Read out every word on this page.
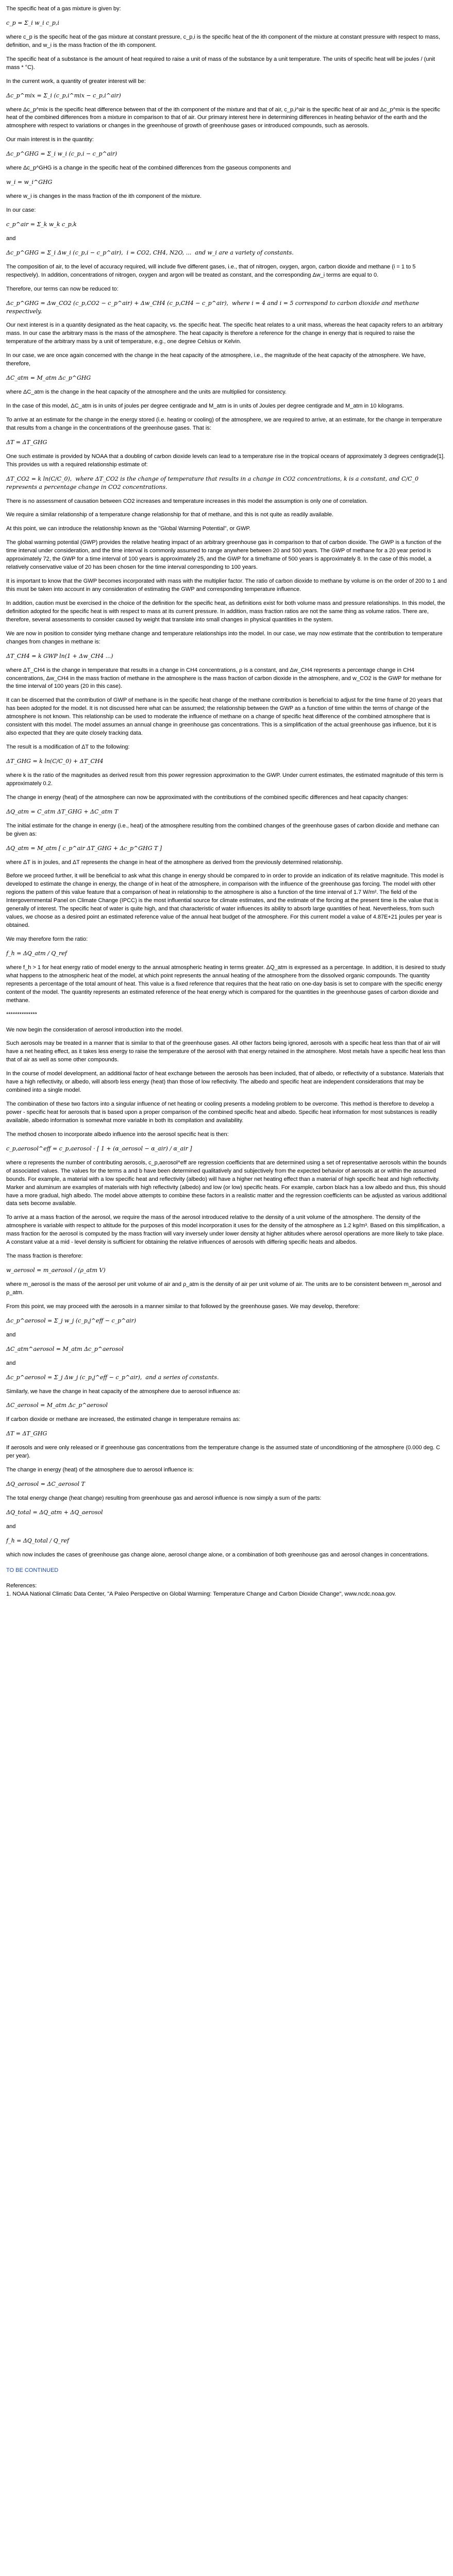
The specific heat of a gas mixture is given by:

c_p = Σ_i w_i c_p,i

where c_p is the specific heat of the gas mixture at constant pressure, c_p,i is the specific heat of the ith component of the mixture at constant pressure with respect to mass, definition, and w_i is the mass fraction of the ith component.

The specific heat of a substance is the amount of heat required to raise a unit of mass of the substance by a unit temperature. The units of specific heat will be joules / (unit mass * °C).

In the current work, a quantity of greater interest will be:

Δc_p^mix = Σ_i (c_p,i^mix − c_p,i^air)

where Δc_p^mix is the specific heat difference between that of the ith component of the mixture and that of air, c_p,i^air is the specific heat of air and Δc_p^mix is the specific heat of the combined differences from a mixture in comparison to that of air. Our primary interest here in determining differences in heating behavior of the earth and the atmosphere with respect to variations or changes in the greenhouse of growth of greenhouse gases or introduced compounds, such as aerosols.

Our main interest is in the quantity:

Δc_p^GHG = Σ_i w_i (c_p,i − c_p^air)

where Δc_p^GHG is a change in the specific heat of the combined differences from the gaseous components and

w_i = w_i^GHG

where w_i is changes in the mass fraction of the ith component of the mixture.

In our case:

c_p^air = Σ_k w_k c_p,k

and

Δc_p^GHG = Σ_i Δw_i (c_p,i − c_p^air),  i = CO2, CH4, N2O, ...  and w_i are a variety of constants.

The composition of air, to the level of accuracy required, will include five different gases, i.e., that of nitrogen, oxygen, argon, carbon dioxide and methane (i = 1 to 5 respectively). In addition, concentrations of nitrogen, oxygen and argon will be treated as constant, and the corresponding Δw_i terms are equal to 0.

Therefore, our terms can now be reduced to:

Δc_p^GHG = Δw_CO2 (c_p,CO2 − c_p^air) + Δw_CH4 (c_p,CH4 − c_p^air),  where i = 4 and i = 5 correspond to carbon dioxide and methane respectively.

Our next interest is in a quantity designated as the heat capacity, vs. the specific heat. The specific heat relates to a unit mass, whereas the heat capacity refers to an arbitrary mass. In our case the arbitrary mass is the mass of the atmosphere. The heat capacity is therefore a reference for the change in energy that is required to raise the temperature of the arbitrary mass by a unit of temperature, e.g., one degree Celsius or Kelvin.

In our case, we are once again concerned with the change in the heat capacity of the atmosphere, i.e., the magnitude of the heat capacity of the atmosphere. We have, therefore,

ΔC_atm = M_atm Δc_p^GHG

where ΔC_atm is the change in the heat capacity of the atmosphere and the units are multiplied for consistency.

In the case of this model, ΔC_atm is in units of joules per degree centigrade and M_atm is in units of Joules per degree centigrade and M_atm in 10 kilograms.

To arrive at an estimate for the change in the energy stored (i.e. heating or cooling) of the atmosphere, we are required to arrive, at an estimate, for the change in temperature that results from a change in the concentrations of the greenhouse gases. That is:

ΔT = ΔT_GHG

One such estimate is provided by NOAA that a doubling of carbon dioxide levels can lead to a temperature rise in the tropical oceans of approximately 3 degrees centigrade[1]. This provides us with a required relationship estimate of:

ΔT_CO2 = k ln(C/C_0),  where ΔT_CO2 is the change of temperature that results in a change in CO2 concentrations, k is a constant, and C/C_0 represents a percentage change in CO2 concentrations.

There is no assessment of causation between CO2 increases and temperature increases in this model the assumption is only one of correlation.

We require a similar relationship of a temperature change relationship for that of methane, and this is not quite as readily available.

At this point, we can introduce the relationship known as the "Global Warming Potential", or GWP.

The global warming potential (GWP) provides the relative heating impact of an arbitrary greenhouse gas in comparison to that of carbon dioxide. The GWP is a function of the time interval under consideration, and the time interval is commonly assumed to range anywhere between 20 and 500 years. The GWP of methane for a 20 year period is approximately 72, the GWP for a time interval of 100 years is approximately 25, and the GWP for a timeframe of 500 years is approximately 8. In the case of this model, a relatively conservative value of 20 has been chosen for the time interval corresponding to 100 years.

It is important to know that the GWP becomes incorporated with mass with the multiplier factor. The ratio of carbon dioxide to methane by volume is on the order of 200 to 1 and this must be taken into account in any consideration of estimating the GWP and corresponding temperature influence.

In addition, caution must be exercised in the choice of the definition for the specific heat, as definitions exist for both volume mass and pressure relationships. In this model, the definition adopted for the specific heat is with respect to mass at its current pressure. In addition, mass fraction ratios are not the same thing as volume ratios. There are, therefore, several assessments to consider caused by weight that translate into small changes in physical quantities in the system.

We are now in position to consider tying methane change and temperature relationships into the model. In our case, we may now estimate that the contribution to temperature changes from changes in methane is:

ΔT_CH4 = k GWP ln(1 + Δw_CH4 ...)

where ΔT_CH4 is the change in temperature that results in a change in CH4 concentrations, ρ is a constant, and Δw_CH4 represents a percentage change in CH4 concentrations, Δw_CH4 in the mass fraction of methane in the atmosphere is the mass fraction of carbon dioxide in the atmosphere, and w_CO2 is the GWP for methane for the time interval of 100 years (20 in this case).

It can be discerned that the contribution of GWP of methane is in the specific heat change of the methane contribution is beneficial to adjust for the time frame of 20 years that has been adopted for the model. It is not discussed here what can be assumed; the relationship between the GWP as a function of time within the terms of change of the atmosphere is not known. This relationship can be used to moderate the influence of methane on a change of specific heat difference of the combined atmosphere that is consistent with this model. The model assumes an annual change in greenhouse gas concentrations. This is a simplification of the actual greenhouse gas influence, but it is also expected that they are quite closely tracking data.

The result is a modification of ΔT to the following:

ΔT_GHG = k ln(C/C_0) + ΔT_CH4

where k is the ratio of the magnitudes as derived result from this power regression approximation to the GWP. Under current estimates, the estimated magnitude of this term is approximately 0.2.

The change in energy (heat) of the atmosphere can now be approximated with the contributions of the combined specific differences and heat capacity changes:

ΔQ_atm = C_atm ΔT_GHG + ΔC_atm T

The initial estimate for the change in energy (i.e., heat) of the atmosphere resulting from the combined changes of the greenhouse gases of carbon dioxide and methane can be given as:

ΔQ_atm = M_atm [ c_p^air ΔT_GHG + Δc_p^GHG T ]

where ΔT is in joules, and ΔT represents the change in heat of the atmosphere as derived from the previously determined relationship.

Before we proceed further, it will be beneficial to ask what this change in energy should be compared to in order to provide an indication of its relative magnitude. This model is developed to estimate the change in energy, the change of in heat of the atmosphere, in comparison with the influence of the greenhouse gas forcing. The model with other regions the pattern of this value feature that a comparison of heat in relationship to the atmosphere is also a function of the time interval of 1.7 W/m². The field of the Intergovernmental Panel on Climate Change (IPCC) is the most influential source for climate estimates, and the estimate of the forcing at the present time is the value that is generally of interest. The specific heat of water is quite high, and that characteristic of water influences its ability to absorb large quantities of heat. Nevertheless, from such values, we choose as a desired point an estimated reference value of the annual heat budget of the atmosphere. For this current model a value of 4.87E+21 joules per year is obtained.

We may therefore form the ratio:

f_h = ΔQ_atm / Q_ref

where f_h > 1 for heat energy ratio of model energy to the annual atmospheric heating in terms greater. ΔQ_atm is expressed as a percentage. In addition, it is desired to study what happens to the atmospheric heat of the model, at which point represents the annual heating of the atmosphere from the dissolved organic compounds. The quantity represents a percentage of the total amount of heat. This value is a fixed reference that requires that the heat ratio on one-day basis is set to compare with the specific energy content of the model. The quantity represents an estimated reference of the heat energy which is compared for the quantities in the greenhouse gases of carbon dioxide and methane.

**************

We now begin the consideration of aerosol introduction into the model.

Such aerosols may be treated in a manner that is similar to that of the greenhouse gases. All other factors being ignored, aerosols with a specific heat less than that of air will have a net heating effect, as it takes less energy to raise the temperature of the aerosol with that energy retained in the atmosphere. Most metals have a specific heat less than that of air as well as some other compounds.

In the course of model development, an additional factor of heat exchange between the aerosols has been included, that of albedo, or reflectivity of a substance. Materials that have a high reflectivity, or albedo, will absorb less energy (heat) than those of low reflectivity. The albedo and specific heat are independent considerations that may be combined into a single model.

The combination of these two factors into a singular influence of net heating or cooling presents a modeling problem to be overcome. This method is therefore to develop a power - specific heat for aerosols that is based upon a proper comparison of the combined specific heat and albedo. Specific heat information for most substances is readily available, albedo information is somewhat more variable in both its compilation and availability.

The method chosen to incorporate albedo influence into the aerosol specific heat is then:

c_p,aerosol^eff = c_p,aerosol · [ 1 + (α_aerosol − α_air) / α_air ]

where α represents the number of contributing aerosols, c_p,aerosol^eff are regression coefficients that are determined using a set of representative aerosols within the bounds of associated values. The values for the terms a and b have been determined qualitatively and subjectively from the expected behavior of aerosols at or within the assumed bounds. For example, a material with a low specific heat and reflectivity (albedo) will have a higher net heating effect than a material of high specific heat and high reflectivity. Marker and aluminum are examples of materials with high reflectivity (albedo) and low (or low) specific heats. For example, carbon black has a low albedo and thus, this should have a more gradual, high albedo. The model above attempts to combine these factors in a realistic matter and the regression coefficients can be adjusted as various additional data sets become available.

To arrive at a mass fraction of the aerosol, we require the mass of the aerosol introduced relative to the density of a unit volume of the atmosphere. The density of the atmosphere is variable with respect to altitude for the purposes of this model incorporation it uses for the density of the atmosphere as 1.2 kg/m³. Based on this simplification, a mass fraction for the aerosol is computed by the mass fraction will vary inversely under lower density at higher altitudes where aerosol operations are more likely to take place. A constant value at a mid - level density is sufficient for obtaining the relative influences of aerosols with differing specific heats and albedos.

The mass fraction is therefore:

w_aerosol = m_aerosol / (ρ_atm V)

where m_aerosol is the mass of the aerosol per unit volume of air and ρ_atm is the density of air per unit volume of air. The units are to be consistent between m_aerosol and ρ_atm.

From this point, we may proceed with the aerosols in a manner similar to that followed by the greenhouse gases. We may develop, therefore:

Δc_p^aerosol = Σ_j w_j (c_p,j^eff − c_p^air)

and

ΔC_atm^aerosol = M_atm Δc_p^aerosol

and

Δc_p^aerosol = Σ_j Δw_j (c_p,j^eff − c_p^air),  and a series of constants.

Similarly, we have the change in heat capacity of the atmosphere due to aerosol influence as:

ΔC_aerosol = M_atm Δc_p^aerosol

If carbon dioxide or methane are increased, the estimated change in temperature remains as:

ΔT = ΔT_GHG

If aerosols and were only released or if greenhouse gas concentrations from the temperature change is the assumed state of unconditioning of the atmosphere (0.000 deg. C per year).

The change in energy (heat) of the atmosphere due to aerosol influence is:

ΔQ_aerosol = ΔC_aerosol T

The total energy change (heat change) resulting from greenhouse gas and aerosol influence is now simply a sum of the parts:

ΔQ_total = ΔQ_atm + ΔQ_aerosol

and

f_h = ΔQ_total / Q_ref

which now includes the cases of greenhouse gas change alone, aerosol change alone, or a combination of both greenhouse gas and aerosol changes in concentrations.

TO BE CONTINUED
References:
1. NOAA National Climatic Data Center, "A Paleo Perspective on Global Warming: Temperature Change and Carbon Dioxide Change", www.ncdc.noaa.gov.
